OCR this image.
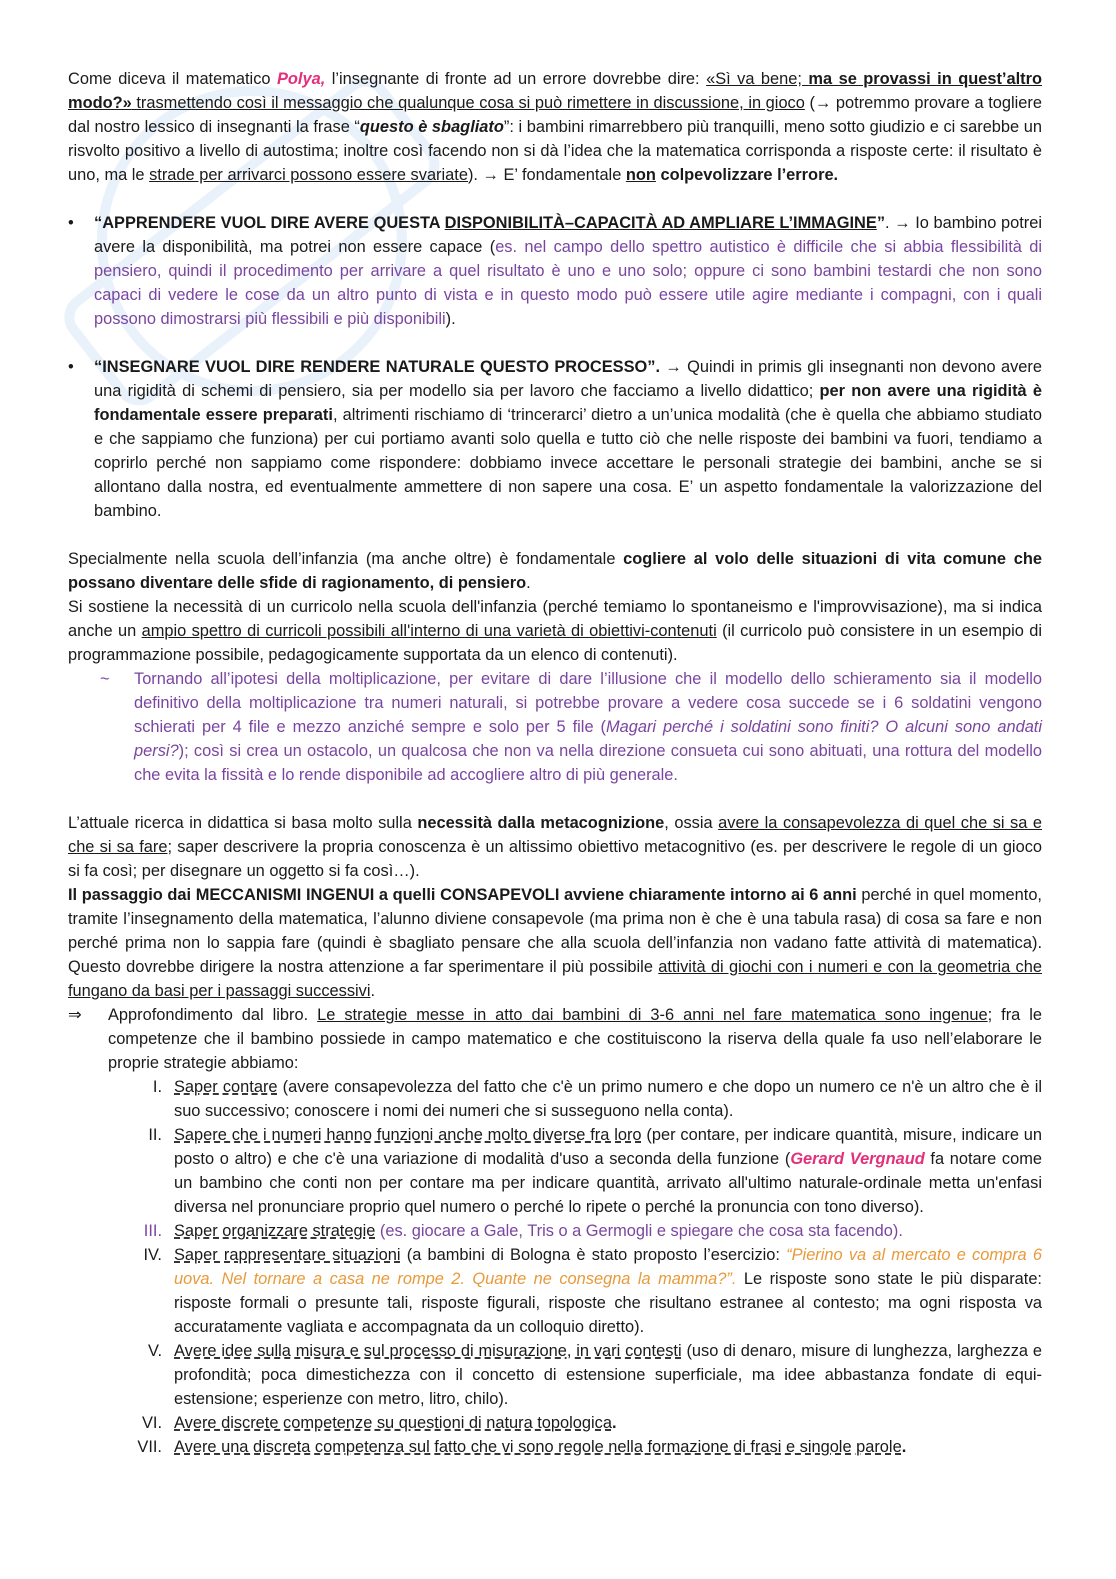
Come diceva il matematico Polya, l’insegnante di fronte ad un errore dovrebbe dire: «Sì va bene; ma se provassi in quest’altro modo?» trasmettendo così il messaggio che qualunque cosa si può rimettere in discussione, in gioco (→ potremmo provare a togliere dal nostro lessico di insegnanti la frase “questo è sbagliato”: i bambini rimarrebbero più tranquilli, meno sotto giudizio e ci sarebbe un risvolto positivo a livello di autostima; inoltre così facendo non si dà l’idea che la matematica corrisponda a risposte certe: il risultato è uno, ma le strade per arrivarci possono essere svariate). → E’ fondamentale non colpevolizzare l’errore.

• “APPRENDERE VUOL DIRE AVERE QUESTA DISPONIBILITÀ–CAPACITÀ AD AMPLIARE L’IMMAGINE”. → Io bambino potrei avere la disponibilità, ma potrei non essere capace (es. nel campo dello spettro autistico è difficile che si abbia flessibilità di pensiero, quindi il procedimento per arrivare a quel risultato è uno e uno solo; oppure ci sono bambini testardi che non sono capaci di vedere le cose da un altro punto di vista e in questo modo può essere utile agire mediante i compagni, con i quali possono dimostrarsi più flessibili e più disponibili).
• “INSEGNARE VUOL DIRE RENDERE NATURALE QUESTO PROCESSO”. → Quindi in primis gli insegnanti non devono avere una rigidità di schemi di pensiero, sia per modello sia per lavoro che facciamo a livello didattico; per non avere una rigidità è fondamentale essere preparati, altrimenti rischiamo di ‘trincerarci’ dietro a un’unica modalità (che è quella che abbiamo studiato e che sappiamo che funziona) per cui portiamo avanti solo quella e tutto ciò che nelle risposte dei bambini va fuori, tendiamo a coprirlo perché non sappiamo come rispondere: dobbiamo invece accettare le personali strategie dei bambini, anche se si allontano dalla nostra, ed eventualmente ammettere di non sapere una cosa. E’ un aspetto fondamentale la valorizzazione del bambino.

Specialmente nella scuola dell’infanzia (ma anche oltre) è fondamentale cogliere al volo delle situazioni di vita comune che possano diventare delle sfide di ragionamento, di pensiero.

Si sostiene la necessità di un curricolo nella scuola dell'infanzia (perché temiamo lo spontaneismo e l'improvvisazione), ma si indica anche un ampio spettro di curricoli possibili all'interno di una varietà di obiettivi-contenuti (il curricolo può consistere in un esempio di programmazione possibile, pedagogicamente supportata da un elenco di contenuti).

~ Tornando all’ipotesi della moltiplicazione, per evitare di dare l’illusione che il modello dello schieramento sia il modello definitivo della moltiplicazione tra numeri naturali, si potrebbe provare a vedere cosa succede se i 6 soldatini vengono schierati per 4 file e mezzo anziché sempre e solo per 5 file (Magari perché i soldatini sono finiti? O alcuni sono andati persi?); così si crea un ostacolo, un qualcosa che non va nella direzione consueta cui sono abituati, una rottura del modello che evita la fissità e lo rende disponibile ad accogliere altro di più generale.

L’attuale ricerca in didattica si basa molto sulla necessità dalla metacognizione, ossia avere la consapevolezza di quel che si sa e che si sa fare; saper descrivere la propria conoscenza è un altissimo obiettivo metacognitivo (es. per descrivere le regole di un gioco si fa così; per disegnare un oggetto si fa così…).

Il passaggio dai MECCANISMI INGENUI a quelli CONSAPEVOLI avviene chiaramente intorno ai 6 anni perché in quel momento, tramite l’insegnamento della matematica, l’alunno diviene consapevole (ma prima non è che è una tabula rasa) di cosa sa fare e non perché prima non lo sappia fare (quindi è sbagliato pensare che alla scuola dell’infanzia non vadano fatte attività di matematica). Questo dovrebbe dirigere la nostra attenzione a far sperimentare il più possibile attività di giochi con i numeri e con la geometria che fungano da basi per i passaggi successivi.

⇒ Approfondimento dal libro. Le strategie messe in atto dai bambini di 3-6 anni nel fare matematica sono ingenue; fra le competenze che il bambino possiede in campo matematico e che costituiscono la riserva della quale fa uso nell’elaborare le proprie strategie abbiamo:
I. Saper contare (avere consapevolezza del fatto che c'è un primo numero e che dopo un numero ce n'è un altro che è il suo successivo; conoscere i nomi dei numeri che si susseguono nella conta).
II. Sapere che i numeri hanno funzioni anche molto diverse fra loro (per contare, per indicare quantità, misure, indicare un posto o altro) e che c'è una variazione di modalità d'uso a seconda della funzione (Gerard Vergnaud fa notare come un bambino che conti non per contare ma per indicare quantità, arrivato all'ultimo naturale-ordinale metta un'enfasi diversa nel pronunciare proprio quel numero o perché lo ripete o perché la pronuncia con tono diverso).
III. Saper organizzare strategie (es. giocare a Gale, Tris o a Germogli e spiegare che cosa sta facendo).
IV. Saper rappresentare situazioni (a bambini di Bologna è stato proposto l’esercizio: “Pierino va al mercato e compra 6 uova. Nel tornare a casa ne rompe 2. Quante ne consegna la mamma?”. Le risposte sono state le più disparate: risposte formali o presunte tali, risposte figurali, risposte che risultano estranee al contesto; ma ogni risposta va accuratamente vagliata e accompagnata da un colloquio diretto).
V. Avere idee sulla misura e sul processo di misurazione, in vari contesti (uso di denaro, misure di lunghezza, larghezza e profondità; poca dimestichezza con il concetto di estensione superficiale, ma idee abbastanza fondate di equi-estensione; esperienze con metro, litro, chilo).
VI. Avere discrete competenze su questioni di natura topologica.
VII. Avere una discreta competenza sul fatto che vi sono regole nella formazione di frasi e singole parole.
